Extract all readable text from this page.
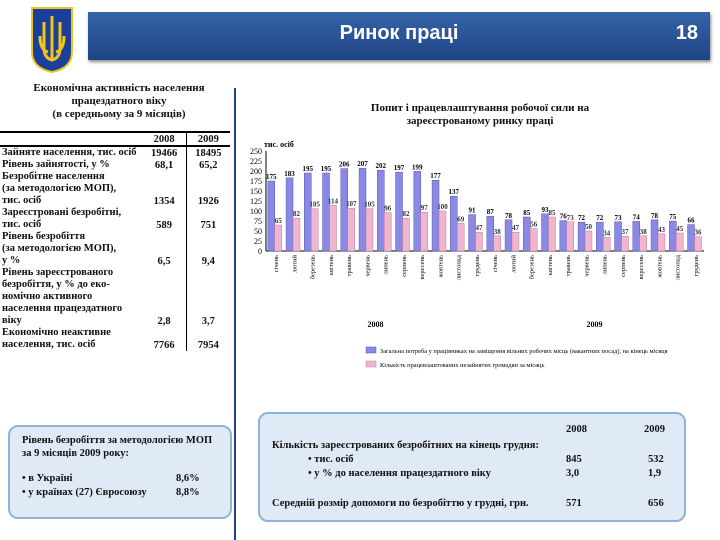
Ринок праці	18
Економічна активність населення
працездатного віку
(в середньому за 9 місяців)
	2008	2009

Зайняте населення, тис. осіб	19466	18495

Рівень зайнятості, у %	68,1	65,2

Безробітне населення
(за методологією МОП),
тис. осіб	1354	1926

Зареєстровані безробітні,
тис. осіб	589	751

Рівень безробіття
(за методологією МОП),
у %	6,5	9,4

Рівень зареєстрованого
безробіття, у % до еко-
номічно активного
населення працездатного
віку	2,8	3,7

Економічно неактивне
населення, тис. осіб	7766	7954
Попит і працевлаштування робочої сили на зареєстрованому ринку праці
тис. осіб
0
25
50
75
100
125
150
175
200
225
250
175
65
січень
183
82
лютий
195
105
березень
195
114
квітень
206
107
травень
207
105
червень
202
96
липень
197
82
серпень
199
97
вересень
177
100
жовтень
137
69
листопад
91
47
грудень
87
38
січень
78
47
лютий
85
56
березень
93 85
квітень
76 73
травень
72
50
червень
72
34
липень
73
37
серпень
74
38
вересень
78
43
жовтень
75
45
листопад
66
36
грудень
2008	2009
Загальна потреба у працівниках на заміщення вільних робочих місць (вакантних посад), на кінець місяця
Кількість працевлаштованих незайнятих громадян за місяць
Рівень безробіття за методологією МОП
за 9 місяців 2009 року:
• в Україні	8,6%
• у країнах (27) Євросоюзу	8,8%
2008	2009
Кількість зареєстрованих безробітних на кінець грудня:
• тис. осіб	845	532
• у % до населення працездатного віку	3,0	1,9
Середній розмір допомоги по безробіттю у грудні, грн.	571	656
